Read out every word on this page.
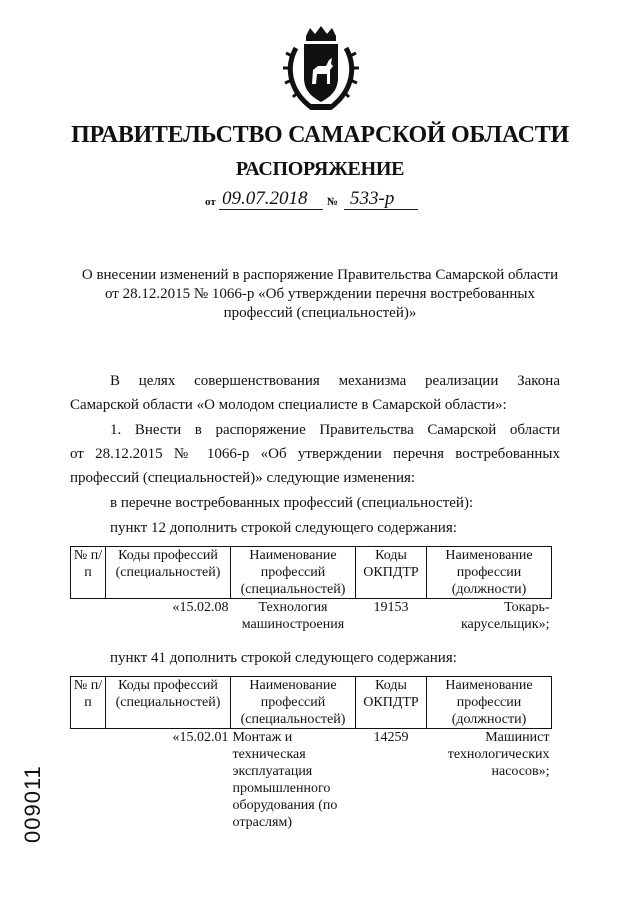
ПРАВИТЕЛЬСТВО САМАРСКОЙ ОБЛАСТИ
РАСПОРЯЖЕНИЕ
от 09.07.2018 № 533-р
О внесении изменений в распоряжение Правительства Самарской области
от 28.12.2015 № 1066-р «Об утверждении перечня востребованных
профессий (специальностей)»
В целях совершенствования механизма реализации Закона
Самарской области «О молодом специалисте в Самарской области»:
1. Внести в распоряжение Правительства Самарской области
от 28.12.2015 № 1066-р «Об утверждении перечня востребованных
профессий (специальностей)» следующие изменения:
в перечне востребованных профессий (специальностей):
пункт 12 дополнить строкой следующего содержания:
№ п/п	Коды профессий (специальностей)	Наименование профессий (специальностей)	Коды ОКПДТР	Наименование профессии (должности)
	«15.02.08	Технология машиностроения	19153	Токарь-карусельщик»;
пункт 41 дополнить строкой следующего содержания:
№ п/п	Коды профессий (специальностей)	Наименование профессий (специальностей)	Коды ОКПДТР	Наименование профессии (должности)
	«15.02.01	Монтаж и техническая эксплуатация промышленного оборудования (по отраслям)	14259	Машинист технологических насосов»;
009011
